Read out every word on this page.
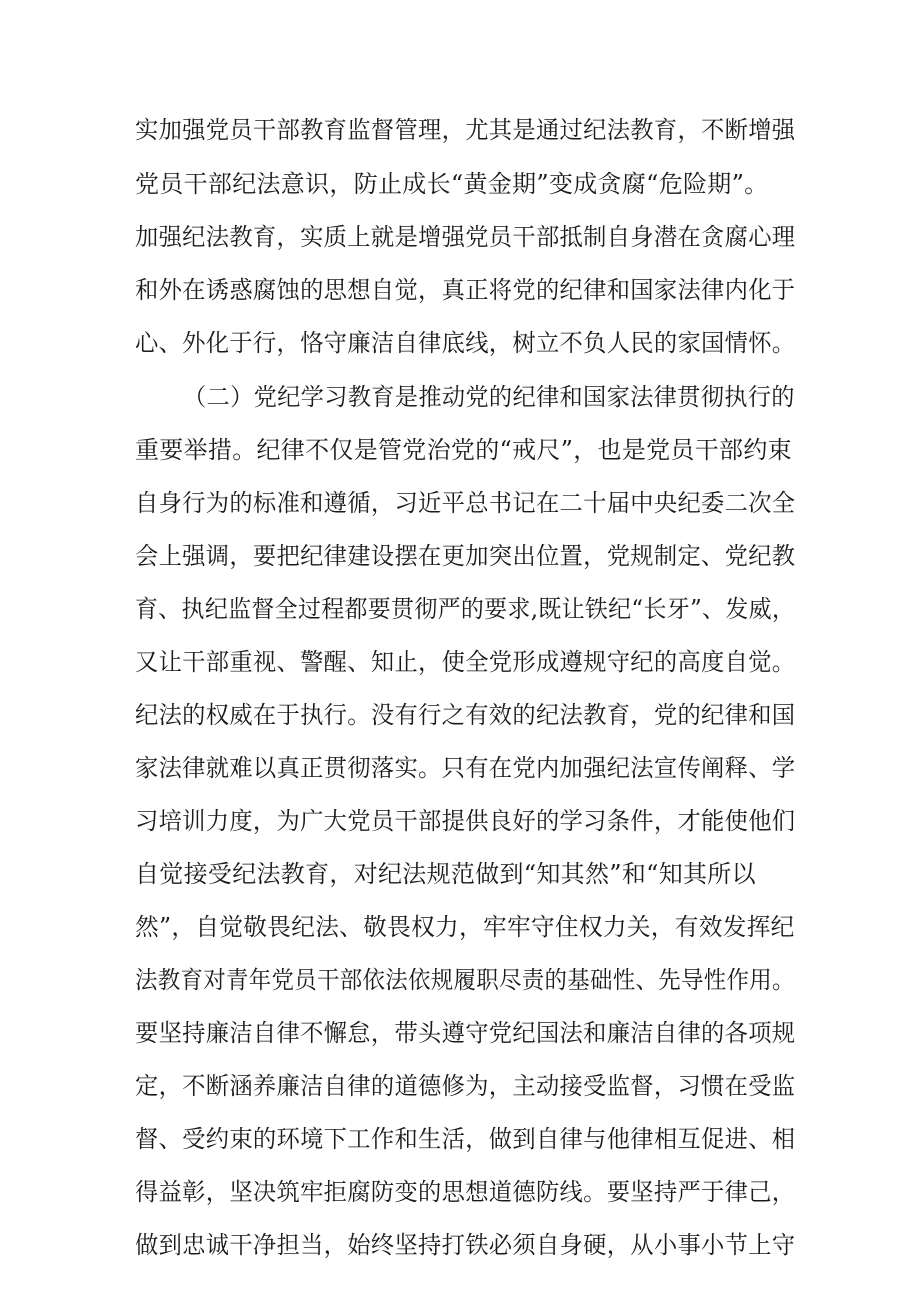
实加强党员干部教育监督管理，尤其是通过纪法教育，不断增强
党员干部纪法意识，防止成长“黄金期”变成贪腐“危险期”。
加强纪法教育，实质上就是增强党员干部抵制自身潜在贪腐心理
和外在诱惑腐蚀的思想自觉，真正将党的纪律和国家法律内化于
心、外化于行，恪守廉洁自律底线，树立不负人民的家国情怀。
（二）党纪学习教育是推动党的纪律和国家法律贯彻执行的
重要举措。纪律不仅是管党治党的“戒尺”，也是党员干部约束
自身行为的标准和遵循，习近平总书记在二十届中央纪委二次全
会上强调，要把纪律建设摆在更加突出位置，党规制定、党纪教
育、执纪监督全过程都要贯彻严的要求,既让铁纪“长牙”、发威，
又让干部重视、警醒、知止，使全党形成遵规守纪的高度自觉。
纪法的权威在于执行。没有行之有效的纪法教育，党的纪律和国
家法律就难以真正贯彻落实。只有在党内加强纪法宣传阐释、学
习培训力度，为广大党员干部提供良好的学习条件，才能使他们
自觉接受纪法教育，对纪法规范做到“知其然”和“知其所以
然”，自觉敬畏纪法、敬畏权力，牢牢守住权力关，有效发挥纪
法教育对青年党员干部依法依规履职尽责的基础性、先导性作用。
要坚持廉洁自律不懈怠，带头遵守党纪国法和廉洁自律的各项规
定，不断涵养廉洁自律的道德修为，主动接受监督，习惯在受监
督、受约束的环境下工作和生活，做到自律与他律相互促进、相
得益彰，坚决筑牢拒腐防变的思想道德防线。要坚持严于律己，
做到忠诚干净担当，始终坚持打铁必须自身硬，从小事小节上守
